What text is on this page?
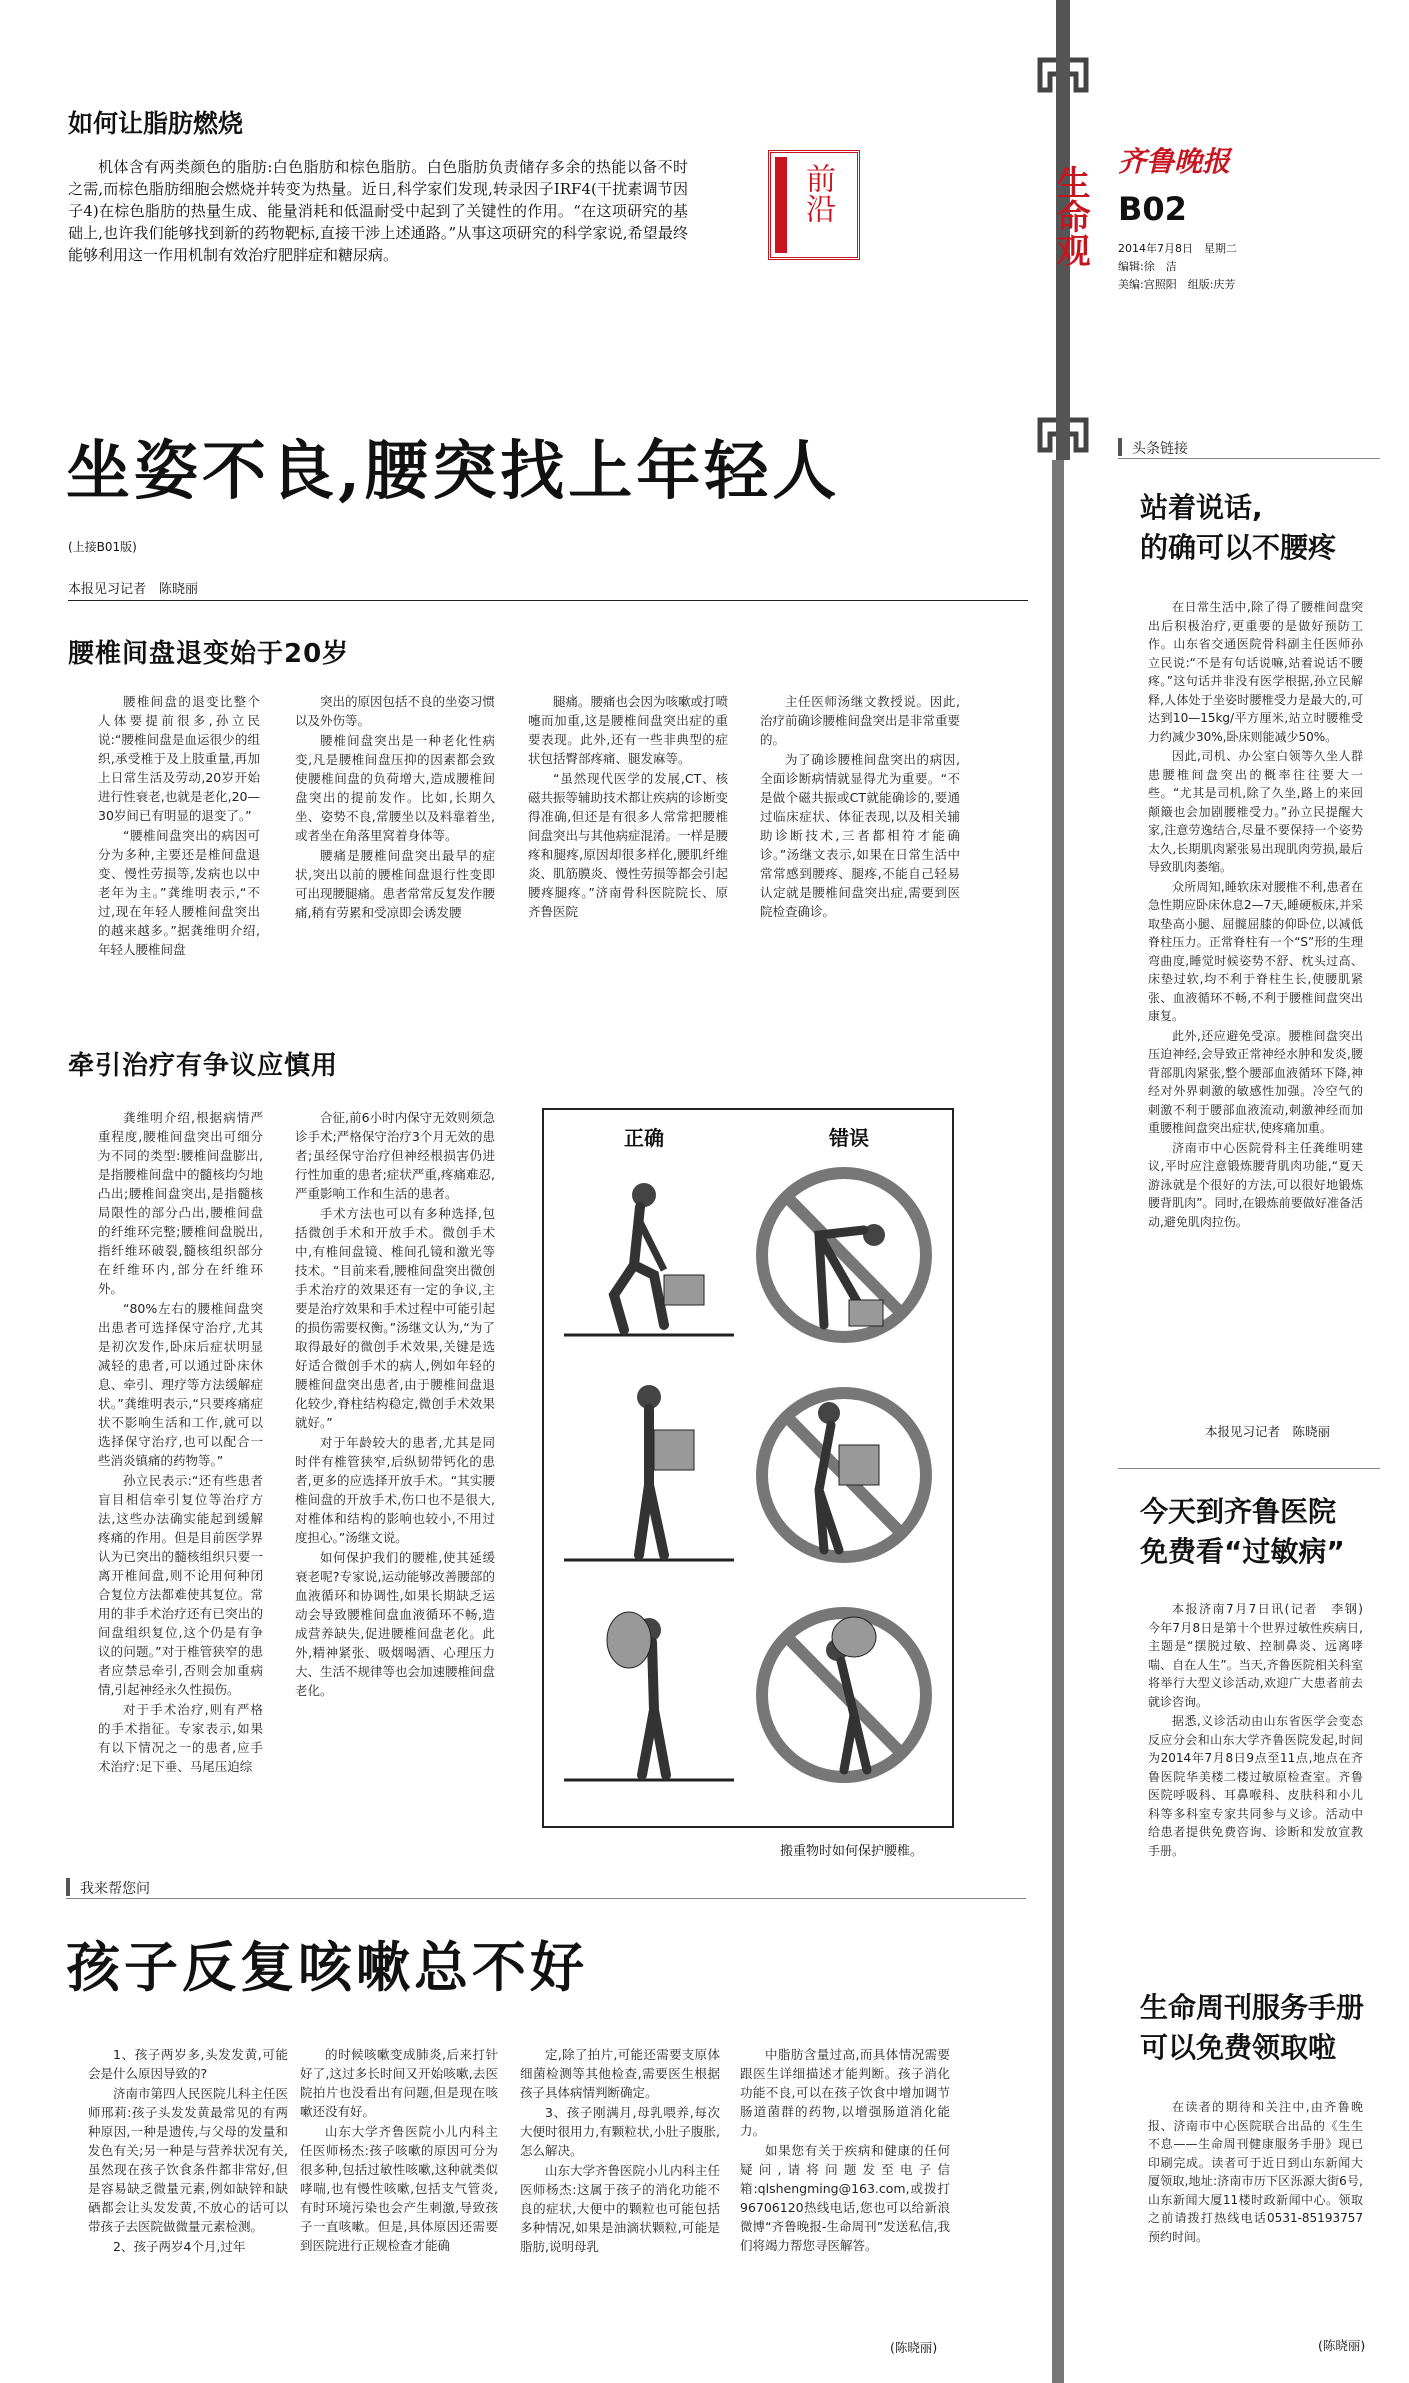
如何让脂肪燃烧
机体含有两类颜色的脂肪:白色脂肪和棕色脂肪。白色脂肪负责储存多余的热能以备不时之需,而棕色脂肪细胞会燃烧并转变为热量。近日,科学家们发现,转录因子IRF4(干扰素调节因子4)在棕色脂肪的热量生成、能量消耗和低温耐受中起到了关键性的作用。“在这项研究的基础上,也许我们能够找到新的药物靶标,直接干涉上述通路。”从事这项研究的科学家说,希望最终能够利用这一作用机制有效治疗肥胖症和糖尿病。
前沿	生命观
齐鲁晚报
B02
2014年7月8日　星期二
编辑:徐　洁
美编:宫照阳　组版:庆芳
坐姿不良,腰突找上年轻人
(上接B01版)
本报见习记者　陈晓丽
腰椎间盘退变始于20岁

腰椎间盘的退变比整个人体要提前很多,孙立民说:“腰椎间盘是血运很少的组织,承受椎于及上肢重量,再加上日常生活及劳动,20岁开始进行性衰老,也就是老化,20—30岁间已有明显的退变了。”

“腰椎间盘突出的病因可分为多种,主要还是椎间盘退变、慢性劳损等,发病也以中老年为主。”龚维明表示,“不过,现在年轻人腰椎间盘突出的越来越多。”据龚维明介绍,年轻人腰椎间盘

突出的原因包括不良的坐姿习惯以及外伤等。

腰椎间盘突出是一种老化性病变,凡是腰椎间盘压抑的因素都会致使腰椎间盘的负荷增大,造成腰椎间盘突出的提前发作。比如,长期久坐、姿势不良,常腰坐以及料靠着坐,或者坐在角落里窝着身体等。

腰痛是腰椎间盘突出最早的症状,突出以前的腰椎间盘退行性变即可出现腰腿痛。患者常常反复发作腰痛,稍有劳累和受凉即会诱发腰

腿痛。腰痛也会因为咳嗽或打喷嚏而加重,这是腰椎间盘突出症的重要表现。此外,还有一些非典型的症状包括臀部疼痛、腿发麻等。

“虽然现代医学的发展,CT、核磁共振等辅助技术都让疾病的诊断变得准确,但还是有很多人常常把腰椎间盘突出与其他病症混淆。一样是腰疼和腿疼,原因却很多样化,腰肌纤维炎、肌筋膜炎、慢性劳损等都会引起腰疼腿疼。”济南骨科医院院长、原齐鲁医院

主任医师汤继文教授说。因此,治疗前确诊腰椎间盘突出是非常重要的。

为了确诊腰椎间盘突出的病因,全面诊断病情就显得尤为重要。“不是做个磁共振或CT就能确诊的,要通过临床症状、体征表现,以及相关辅助诊断技术,三者都相符才能确诊。”汤继文表示,如果在日常生活中常常感到腰疼、腿疼,不能自己轻易认定就是腰椎间盘突出症,需要到医院检查确诊。

牵引治疗有争议应慎用

龚维明介绍,根据病情严重程度,腰椎间盘突出可细分为不同的类型:腰椎间盘膨出,是指腰椎间盘中的髓核均匀地凸出;腰椎间盘突出,是指髓核局限性的部分凸出,腰椎间盘的纤维环完整;腰椎间盘脱出,指纤维环破裂,髓核组织部分在纤维环内,部分在纤维环外。

“80%左右的腰椎间盘突出患者可选择保守治疗,尤其是初次发作,卧床后症状明显减轻的患者,可以通过卧床休息、牵引、理疗等方法缓解症状。”龚维明表示,“只要疼痛症状不影响生活和工作,就可以选择保守治疗,也可以配合一些消炎镇痛的药物等。”

孙立民表示:“还有些患者盲目相信牵引复位等治疗方法,这些办法确实能起到缓解疼痛的作用。但是目前医学界认为已突出的髓核组织只要一离开椎间盘,则不论用何种闭合复位方法都难使其复位。常用的非手术治疗还有已突出的间盘组织复位,这个仍是有争议的问题。”对于椎管狭窄的患者应禁忌牵引,否则会加重病情,引起神经永久性损伤。

对于手术治疗,则有严格的手术指征。专家表示,如果有以下情况之一的患者,应手术治疗:足下垂、马尾压迫综

合征,前6小时内保守无效则须急诊手术;严格保守治疗3个月无效的患者;虽经保守治疗但神经根损害仍进行性加重的患者;症状严重,疼痛难忍,严重影响工作和生活的患者。

手术方法也可以有多种选择,包括微创手术和开放手术。微创手术中,有椎间盘镜、椎间孔镜和激光等技术。“目前来看,腰椎间盘突出微创手术治疗的效果还有一定的争议,主要是治疗效果和手术过程中可能引起的损伤需要权衡。”汤继文认为,“为了取得最好的微创手术效果,关键是选好适合微创手术的病人,例如年轻的腰椎间盘突出患者,由于腰椎间盘退化较少,脊柱结构稳定,微创手术效果就好。”

对于年龄较大的患者,尤其是同时伴有椎管狭窄,后纵韧带钙化的患者,更多的应选择开放手术。“其实腰椎间盘的开放手术,伤口也不是很大,对椎体和结构的影响也较小,不用过度担心。”汤继文说。

如何保护我们的腰椎,使其延缓衰老呢?专家说,运动能够改善腰部的血液循环和协调性,如果长期缺乏运动会导致腰椎间盘血液循环不畅,造成营养缺失,促进腰椎间盘老化。此外,精神紧张、吸烟喝酒、心理压力大、生活不规律等也会加速腰椎间盘老化。

正确	错误
搬重物时如何保护腰椎。
我来帮您问
孩子反复咳嗽总不好

1、孩子两岁多,头发发黄,可能会是什么原因导致的?

济南市第四人民医院儿科主任医师邢莉:孩子头发发黄最常见的有两种原因,一种是遗传,与父母的发量和发色有关;另一种是与营养状况有关,虽然现在孩子饮食条件都非常好,但是容易缺乏微量元素,例如缺锌和缺硒都会让头发发黄,不放心的话可以带孩子去医院做微量元素检测。

2、孩子两岁4个月,过年

的时候咳嗽变成肺炎,后来打针好了,这过多长时间又开始咳嗽,去医院拍片也没看出有问题,但是现在咳嗽还没有好。

山东大学齐鲁医院小儿内科主任医师杨杰:孩子咳嗽的原因可分为很多种,包括过敏性咳嗽,这种就类似哮喘,也有慢性咳嗽,包括支气管炎,有时环境污染也会产生刺激,导致孩子一直咳嗽。但是,具体原因还需要到医院进行正规检查才能确

定,除了拍片,可能还需要支原体细菌检测等其他检查,需要医生根据孩子具体病情判断确定。

3、孩子刚满月,母乳喂养,每次大便时很用力,有颗粒状,小肚子腹胀,怎么解决。

山东大学齐鲁医院小儿内科主任医师杨杰:这属于孩子的消化功能不良的症状,大便中的颗粒也可能包括多种情况,如果是油滴状颗粒,可能是脂肪,说明母乳

中脂肪含量过高,而具体情况需要跟医生详细描述才能判断。孩子消化功能不良,可以在孩子饮食中增加调节肠道菌群的药物,以增强肠道消化能力。

如果您有关于疾病和健康的任何疑问,请将问题发至电子信箱:qlshengming@163.com,或拨打96706120热线电话,您也可以给新浪微博“齐鲁晚报-生命周刊”发送私信,我们将竭力帮您寻医解答。

(陈晓丽)
头条链接
站着说话,
的确可以不腰疼

在日常生活中,除了得了腰椎间盘突出后积极治疗,更重要的是做好预防工作。山东省交通医院骨科副主任医师孙立民说:“不是有句话说嘛,站着说话不腰疼。”这句话并非没有医学根据,孙立民解释,人体处于坐姿时腰椎受力是最大的,可达到10—15kg/平方厘米,站立时腰椎受力约减少30%,卧床则能减少50%。

因此,司机、办公室白领等久坐人群患腰椎间盘突出的概率往往要大一些。“尤其是司机,除了久坐,路上的来回颠簸也会加剧腰椎受力。”孙立民提醒大家,注意劳逸结合,尽量不要保持一个姿势太久,长期肌肉紧张易出现肌肉劳损,最后导致肌肉萎缩。

众所周知,睡软床对腰椎不利,患者在急性期应卧床休息2—7天,睡硬板床,并采取垫高小腿、屈髋屈膝的仰卧位,以减低脊柱压力。正常脊柱有一个“S”形的生理弯曲度,睡觉时候姿势不舒、枕头过高、床垫过软,均不利于脊柱生长,使腰肌紧张、血液循环不畅,不利于腰椎间盘突出康复。

此外,还应避免受凉。腰椎间盘突出压迫神经,会导致正常神经水肿和发炎,腰背部肌肉紧张,整个腰部血液循环下降,神经对外界刺激的敏感性加强。冷空气的刺激不利于腰部血液流动,刺激神经而加重腰椎间盘突出症状,使疼痛加重。

济南市中心医院骨科主任龚维明建议,平时应注意锻炼腰背肌肉功能,“夏天游泳就是个很好的方法,可以很好地锻炼腰背肌肉”。同时,在锻炼前要做好准备活动,避免肌肉拉伤。

本报见习记者　陈晓丽
今天到齐鲁医院
免费看“过敏病”

本报济南7月7日讯(记者　李钢)　今年7月8日是第十个世界过敏性疾病日,主题是“摆脱过敏、控制鼻炎、远离哮喘、自在人生”。当天,齐鲁医院相关科室将举行大型义诊活动,欢迎广大患者前去就诊咨询。

据悉,义诊活动由山东省医学会变态反应分会和山东大学齐鲁医院发起,时间为2014年7月8日9点至11点,地点在齐鲁医院华美楼二楼过敏原检查室。齐鲁医院呼吸科、耳鼻喉科、皮肤科和小儿科等多科室专家共同参与义诊。活动中给患者提供免费咨询、诊断和发放宣教手册。

生命周刊服务手册
可以免费领取啦

在读者的期待和关注中,由齐鲁晚报、济南市中心医院联合出品的《生生不息——生命周刊健康服务手册》现已印刷完成。读者可于近日到山东新闻大厦领取,地址:济南市历下区泺源大街6号,山东新闻大厦11楼时政新闻中心。领取之前请拨打热线电话0531-85193757预约时间。

(陈晓丽)
